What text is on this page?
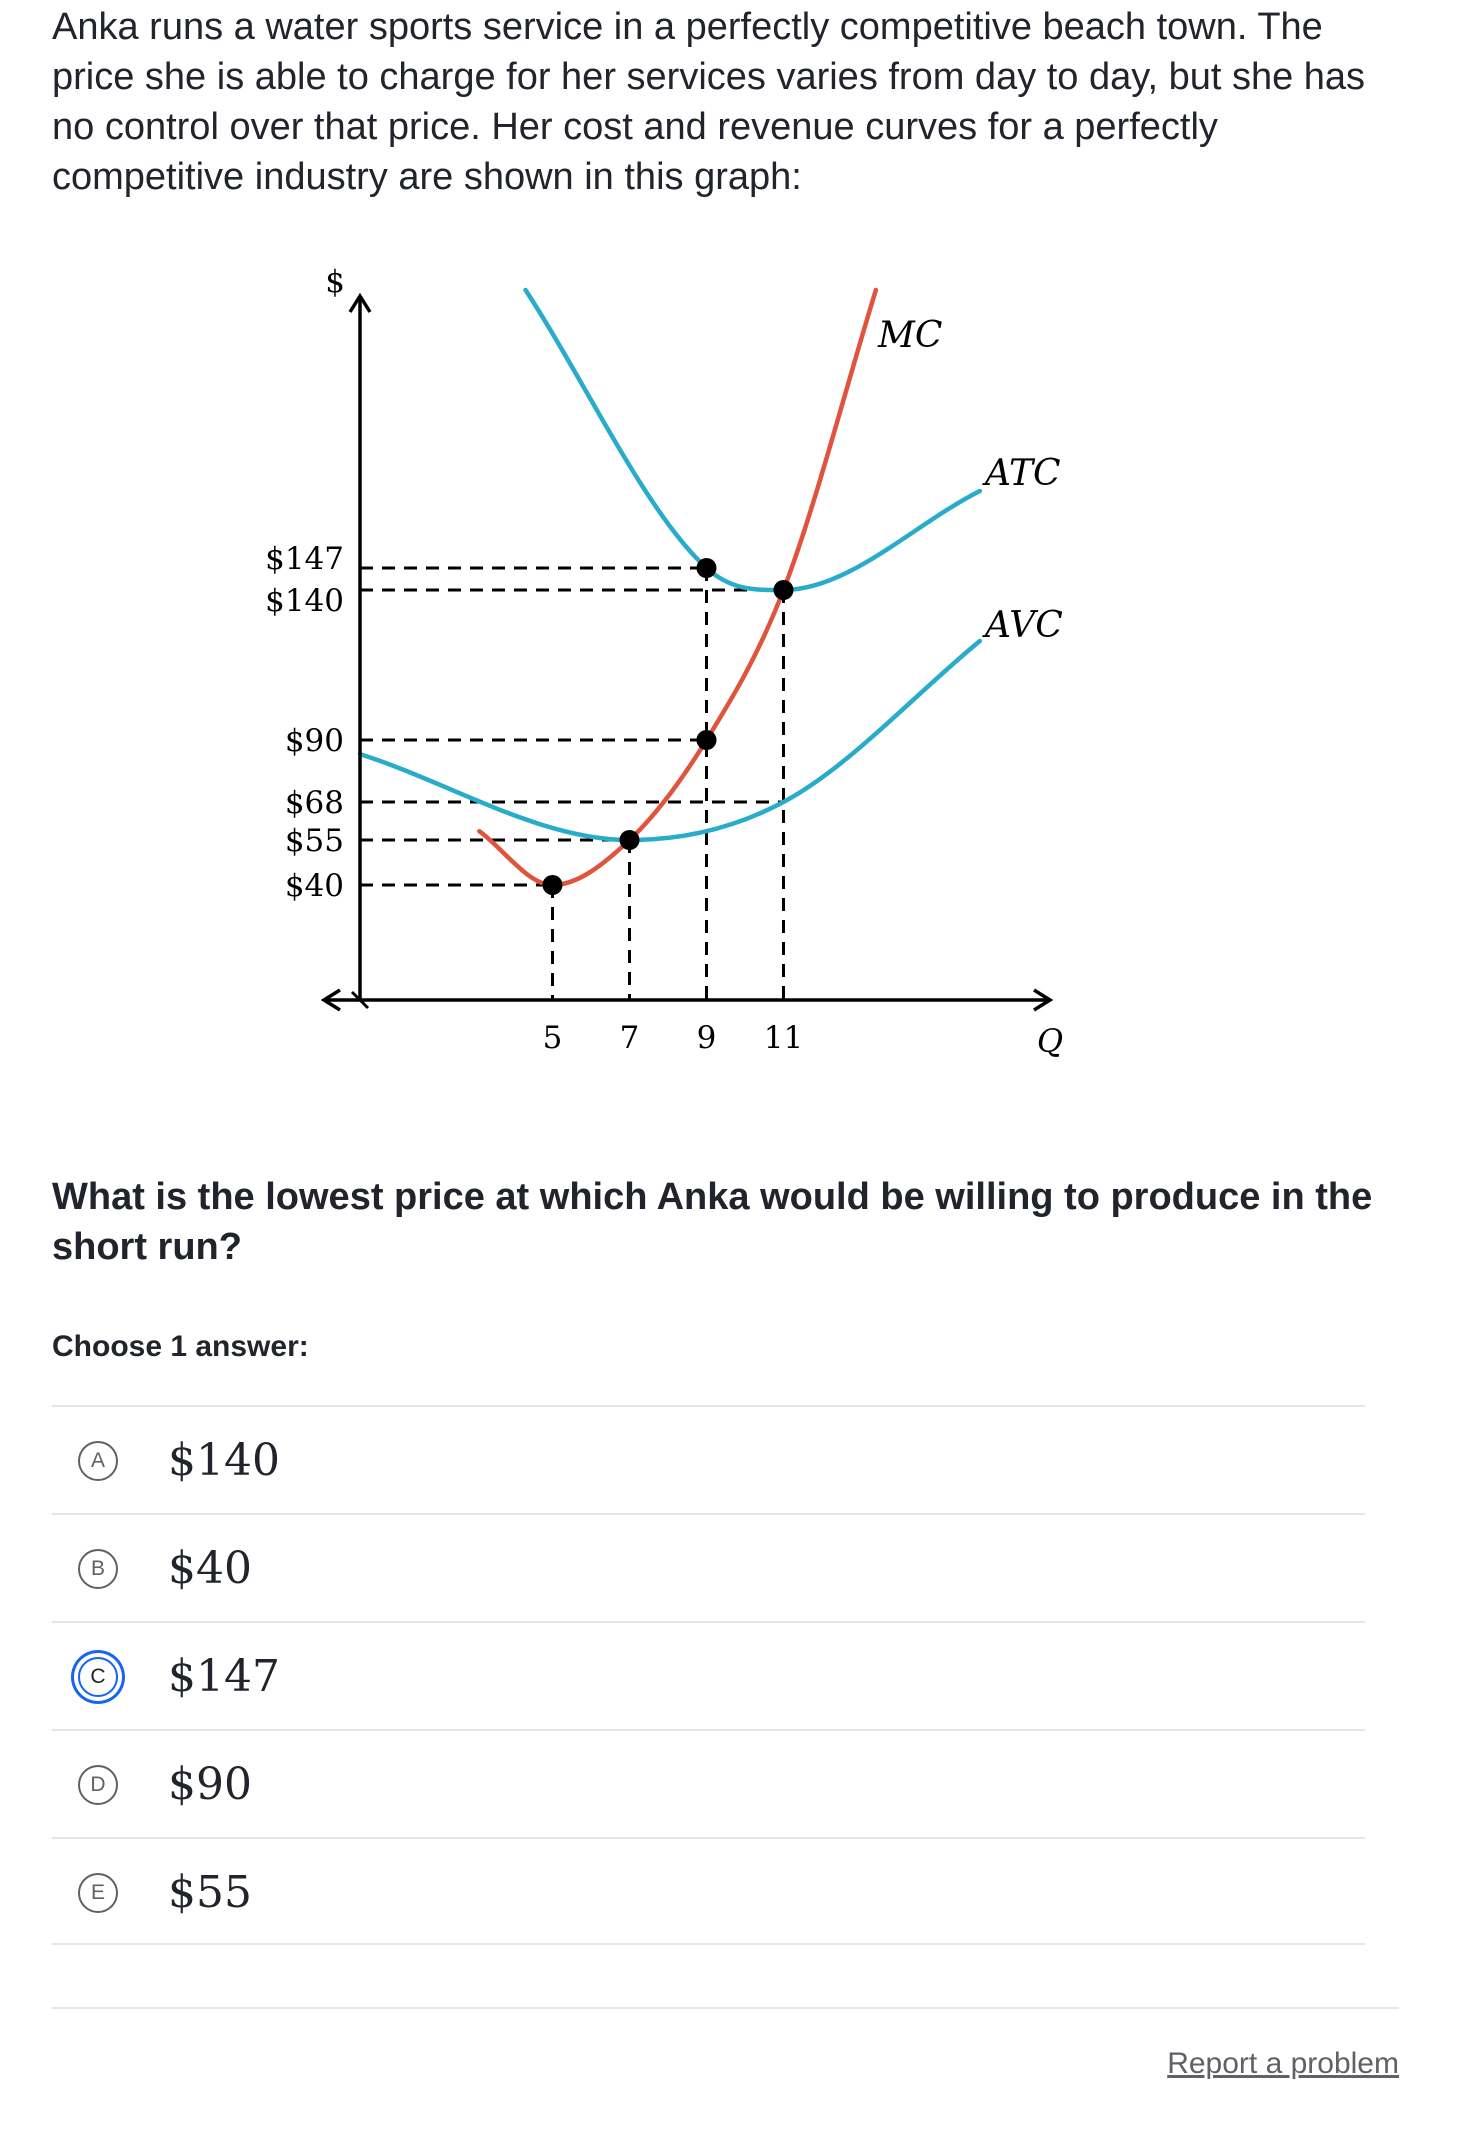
Anka runs a water sports service in a perfectly competitive beach town. The price she is able to charge for her services varies from day to day, but she has no control over that price. Her cost and revenue curves for a perfectly competitive industry are shown in this graph:
$147
$140
$90
$68
$55
$40
5 7 9 11
$
Q
MC
ATC
AVC
What is the lowest price at which Anka would be willing to produce in the short run?
Choose 1 answer:
A $140
B $40
C $147
D $90
E $55
Report a problem
